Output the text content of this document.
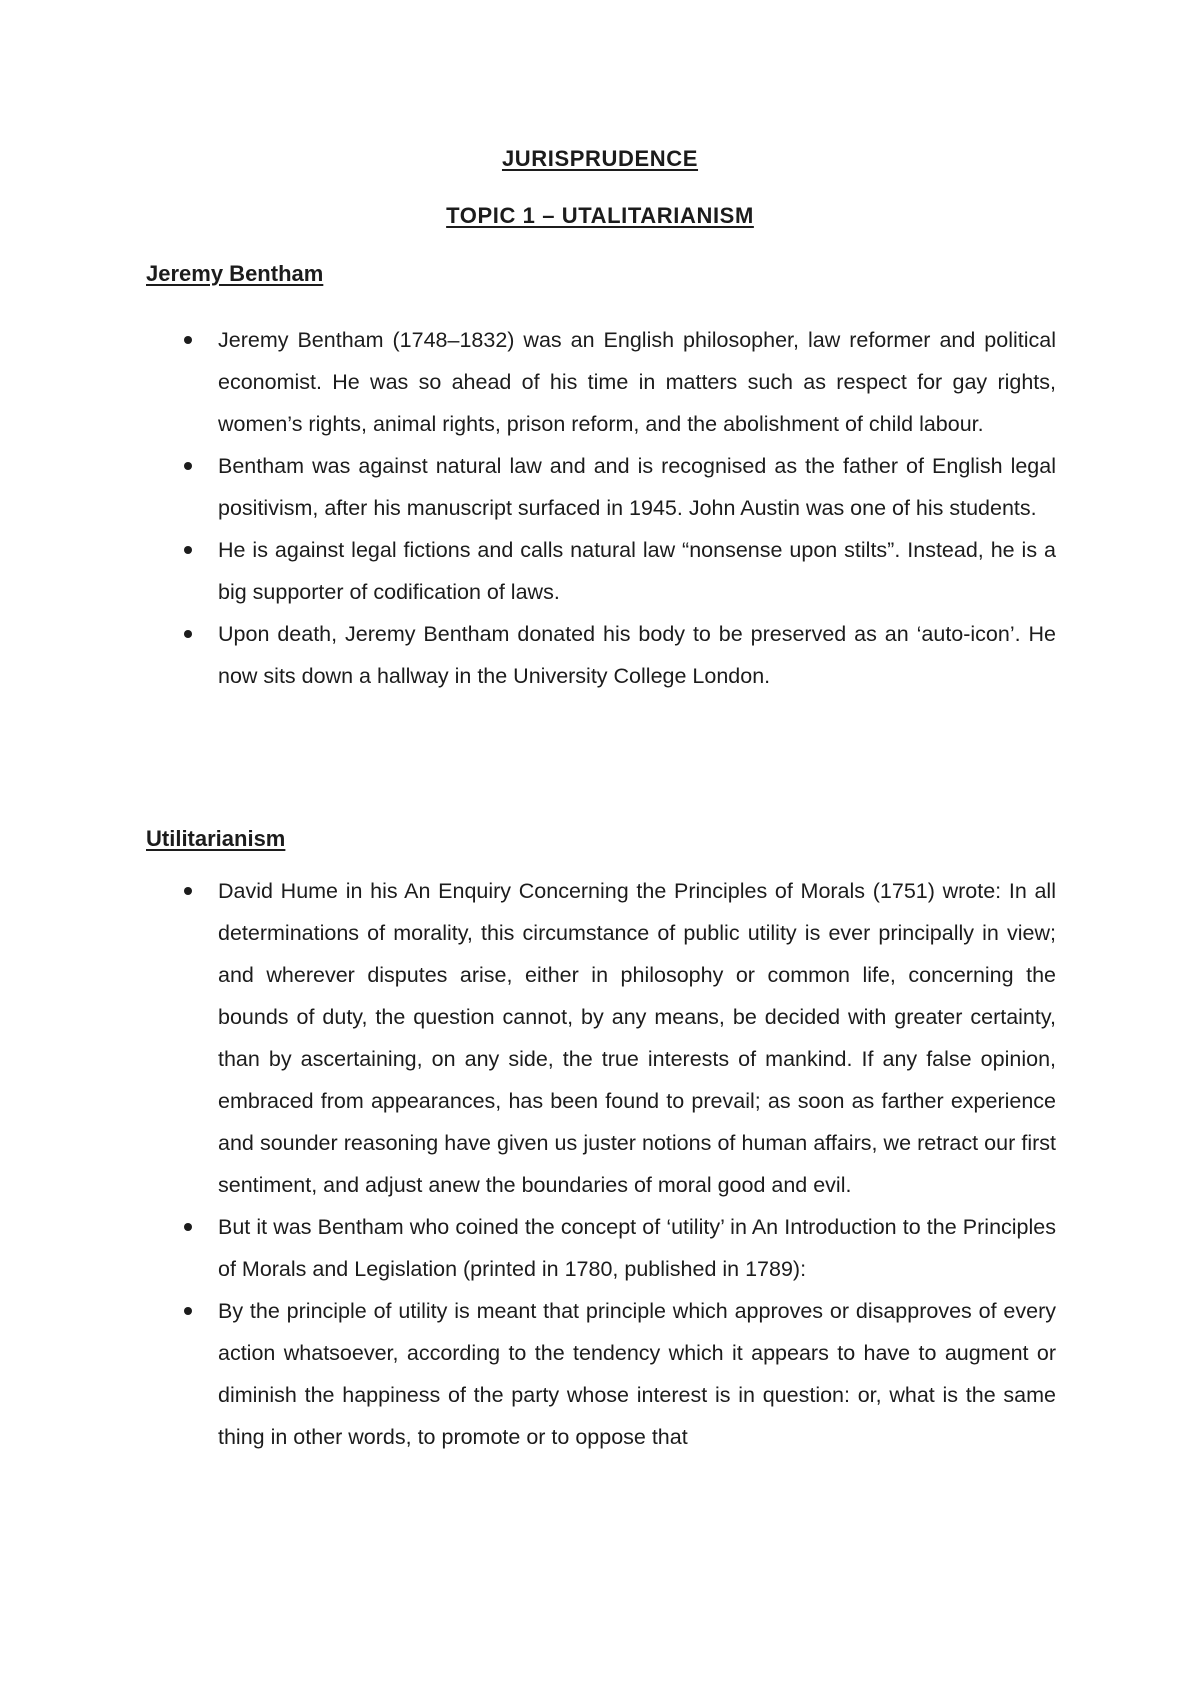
JURISPRUDENCE
TOPIC 1 – UTALITARIANISM
Jeremy Bentham
Jeremy Bentham (1748–1832) was an English philosopher, law reformer and political economist. He was so ahead of his time in matters such as respect for gay rights, women’s rights, animal rights, prison reform, and the abolishment of child labour.
Bentham was against natural law and and is recognised as the father of English legal positivism, after his manuscript surfaced in 1945. John Austin was one of his students.
He is against legal fictions and calls natural law “nonsense upon stilts”. Instead, he is a big supporter of codification of laws.
Upon death, Jeremy Bentham donated his body to be preserved as an ‘auto-icon’. He now sits down a hallway in the University College London.
Utilitarianism
David Hume in his An Enquiry Concerning the Principles of Morals (1751) wrote: In all determinations of morality, this circumstance of public utility is ever principally in view; and wherever disputes arise, either in philosophy or common life, concerning the bounds of duty, the question cannot, by any means, be decided with greater certainty, than by ascertaining, on any side, the true interests of mankind. If any false opinion, embraced from appearances, has been found to prevail; as soon as farther experience and sounder reasoning have given us juster notions of human affairs, we retract our first sentiment, and adjust anew the boundaries of moral good and evil.
But it was Bentham who coined the concept of ‘utility’ in An Introduction to the Principles of Morals and Legislation (printed in 1780, published in 1789):
By the principle of utility is meant that principle which approves or disapproves of every action whatsoever, according to the tendency which it appears to have to augment or diminish the happiness of the party whose interest is in question: or, what is the same thing in other words, to promote or to oppose that
